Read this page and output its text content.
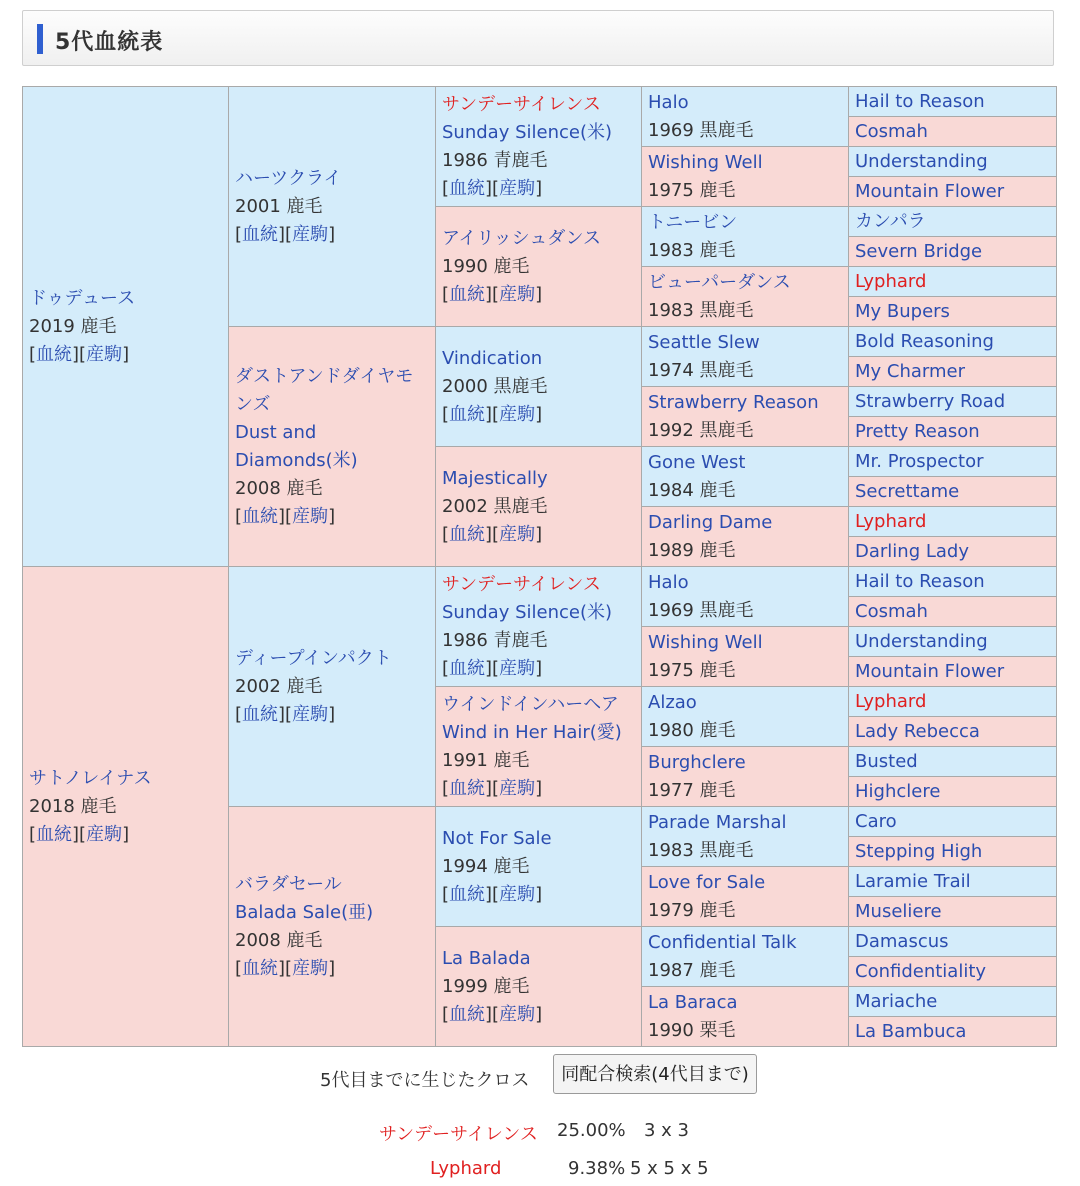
5代血統表
ドゥデュース
2019 鹿毛
[血統][産駒]	ハーツクライ
2001 鹿毛
[血統][産駒]	サンデーサイレンス
Sunday Silence(米)
1986 青鹿毛
[血統][産駒]	Halo
1969 黒鹿毛	Hail to Reason

				Cosmah

			Wishing Well
1975 鹿毛	Understanding

				Mountain Flower

		アイリッシュダンス
1990 鹿毛
[血統][産駒]	トニービン
1983 鹿毛	カンパラ

				Severn Bridge

			ビューパーダンス
1983 黒鹿毛	Lyphard

				My Bupers

	ダストアンドダイヤモンズ
Dust and Diamonds(米)
2008 鹿毛
[血統][産駒]	Vindication
2000 黒鹿毛
[血統][産駒]	Seattle Slew
1974 黒鹿毛	Bold Reasoning

				My Charmer

			Strawberry Reason
1992 黒鹿毛	Strawberry Road

				Pretty Reason

		Majestically
2002 黒鹿毛
[血統][産駒]	Gone West
1984 鹿毛	Mr. Prospector

				Secrettame

			Darling Dame
1989 鹿毛	Lyphard

				Darling Lady

サトノレイナス
2018 鹿毛
[血統][産駒]	ディープインパクト
2002 鹿毛
[血統][産駒]	サンデーサイレンス
Sunday Silence(米)
1986 青鹿毛
[血統][産駒]	Halo
1969 黒鹿毛	Hail to Reason

				Cosmah

			Wishing Well
1975 鹿毛	Understanding

				Mountain Flower

		ウインドインハーヘア
Wind in Her Hair(愛)
1991 鹿毛
[血統][産駒]	Alzao
1980 鹿毛	Lyphard

				Lady Rebecca

			Burghclere
1977 鹿毛	Busted

				Highclere

	バラダセール
Balada Sale(亜)
2008 鹿毛
[血統][産駒]	Not For Sale
1994 鹿毛
[血統][産駒]	Parade Marshal
1983 黒鹿毛	Caro

				Stepping High

			Love for Sale
1979 鹿毛	Laramie Trail

				Museliere

		La Balada
1999 鹿毛
[血統][産駒]	Confidential Talk
1987 鹿毛	Damascus

				Confidentiality

			La Baraca
1990 栗毛	Mariache

				La Bambuca
5代目までに生じたクロス	同配合検索(4代目まで)
サンデーサイレンス 25.00% 3 x 3
Lyphard	9.38% 5 x 5 x 5
